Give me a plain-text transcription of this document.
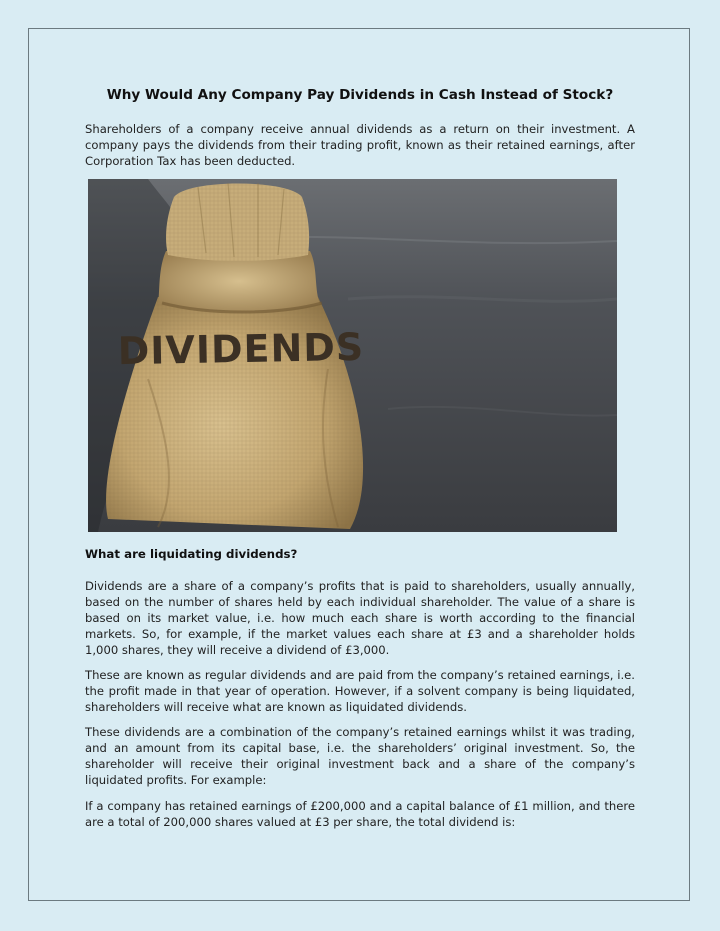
Why Would Any Company Pay Dividends in Cash Instead of Stock?

Shareholders of a company receive annual dividends as a return on their investment. A company pays the dividends from their trading profit, known as their retained earnings, after Corporation Tax has been deducted.

DIVIDENDS
What are liquidating dividends?

Dividends are a share of a company’s profits that is paid to shareholders, usually annually, based on the number of shares held by each individual shareholder. The value of a share is based on its market value, i.e. how much each share is worth according to the financial markets. So, for example, if the market values each share at £3 and a shareholder holds 1,000 shares, they will receive a dividend of £3,000.

These are known as regular dividends and are paid from the company’s retained earnings, i.e. the profit made in that year of operation. However, if a solvent company is being liquidated, shareholders will receive what are known as liquidated dividends.

These dividends are a combination of the company’s retained earnings whilst it was trading, and an amount from its capital base, i.e. the shareholders’ original investment. So, the shareholder will receive their original investment back and a share of the company’s liquidated profits. For example:

If a company has retained earnings of £200,000 and a capital balance of £1 million, and there are a total of 200,000 shares valued at £3 per share, the total dividend is:
